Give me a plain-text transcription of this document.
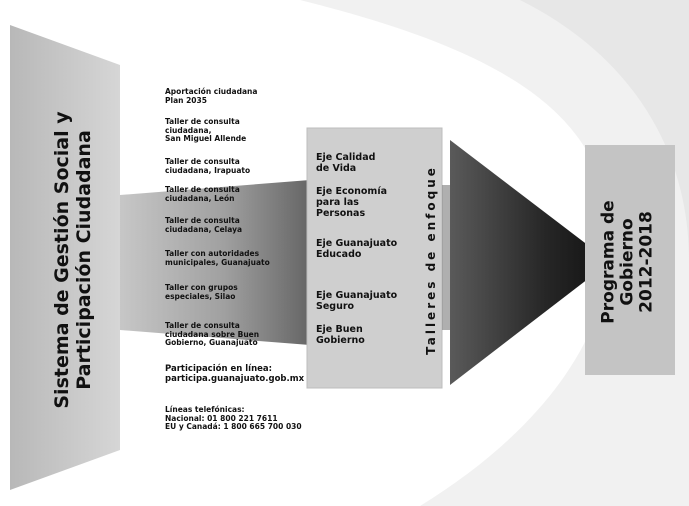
Sistema de Gestión Social y
Participación Ciudadana
Aportación ciudadana
Plan 2035
Taller de consulta
ciudadana,
San Miguel Allende
Taller de consulta
ciudadana, Irapuato
Taller de consulta
ciudadana, León
Taller de consulta
ciudadana, Celaya
Taller con autoridades
municipales, Guanajuato
Taller con grupos
especiales, Silao
Taller de consulta
ciudadana sobre Buen
Gobierno, Guanajuato
Participación en línea:
participa.guanajuato.gob.mx
Líneas telefónicas:
Nacional: 01 800 221 7611
EU y Canadá: 1 800 665 700 030
Eje Calidad
de Vida
Eje Economía
para las Personas
Eje Guanajuato
Educado
Eje Guanajuato
Seguro
Eje Buen
Gobierno	Talleres de enfoque	Programa de
Gobierno
2012-2018
